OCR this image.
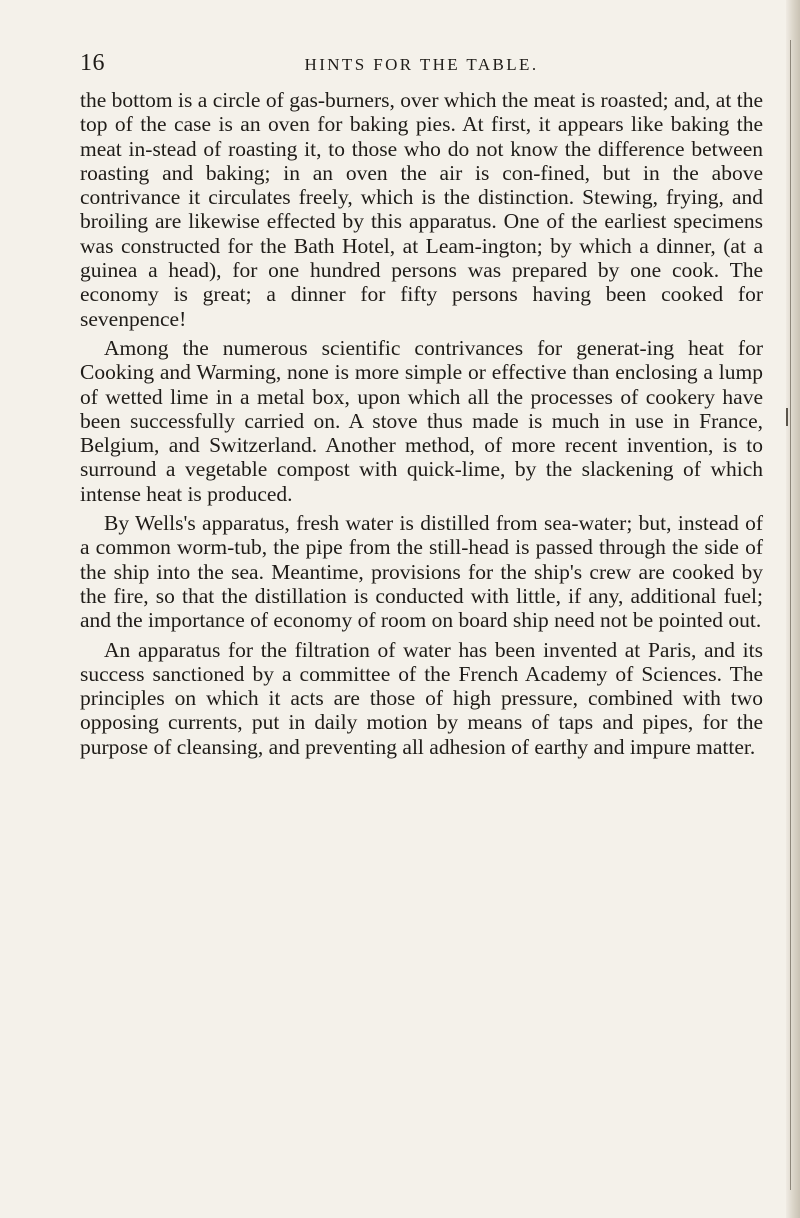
16	HINTS FOR THE TABLE.

the bottom is a circle of gas-burners, over which the meat is roasted; and, at the top of the case is an oven for baking pies. At first, it appears like baking the meat in-stead of roasting it, to those who do not know the difference between roasting and baking; in an oven the air is con-fined, but in the above contrivance it circulates freely, which is the distinction. Stewing, frying, and broiling are likewise effected by this apparatus. One of the earliest specimens was constructed for the Bath Hotel, at Leam-ington; by which a dinner, (at a guinea a head), for one hundred persons was prepared by one cook. The economy is great; a dinner for fifty persons having been cooked for sevenpence!

Among the numerous scientific contrivances for generat-ing heat for Cooking and Warming, none is more simple or effective than enclosing a lump of wetted lime in a metal box, upon which all the processes of cookery have been successfully carried on. A stove thus made is much in use in France, Belgium, and Switzerland. Another method, of more recent invention, is to surround a vegetable compost with quick-lime, by the slackening of which intense heat is produced.

By Wells's apparatus, fresh water is distilled from sea-water; but, instead of a common worm-tub, the pipe from the still-head is passed through the side of the ship into the sea. Meantime, provisions for the ship's crew are cooked by the fire, so that the distillation is conducted with little, if any, additional fuel; and the importance of economy of room on board ship need not be pointed out.

An apparatus for the filtration of water has been invented at Paris, and its success sanctioned by a committee of the French Academy of Sciences. The principles on which it acts are those of high pressure, combined with two opposing currents, put in daily motion by means of taps and pipes, for the purpose of cleansing, and preventing all adhesion of earthy and impure matter.
